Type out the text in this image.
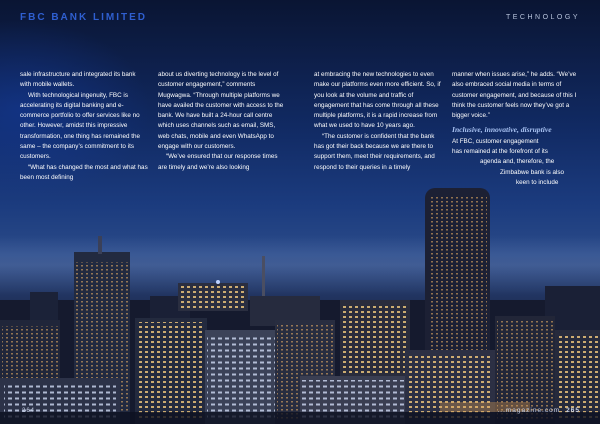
FBC BANK LIMITED	TECHNOLOGY

sale infrastructure and integrated its bank with mobile wallets.

With technological ingenuity, FBC is accelerating its digital banking and e-commerce portfolio to offer services like no other. However, amidst this impressive transformation, one thing has remained the same – the company’s commitment to its customers.

“What has changed the most and what has been most defining

about us diverting technology is the level of customer engagement,” comments Mugwagwa. “Through multiple platforms we have availed the customer with access to the bank. We have built a 24-hour call centre which uses channels such as email, SMS, web chats, mobile and even WhatsApp to engage with our customers.

“We’ve ensured that our response times are timely and we’re also looking

at embracing the new technologies to even make our platforms even more efficient. So, if you look at the volume and traffic of engagement that has come through all these multiple platforms, it is a rapid increase from what we used to have 10 years ago.

“The customer is confident that the bank has got their back because we are there to support them, meet their requirements, and respond to their queries in a timely

manner when issues arise,” he adds. “We’ve also embraced social media in terms of customer engagement, and because of this I think the customer feels now they’ve got a bigger voice.”

Inclusive, innovative, disruptive

At FBC, customer engagement

has remained at the forefront of its

agenda and, therefore, the

Zimbabwe bank is also

keen to include

264	...magazine.com 265
